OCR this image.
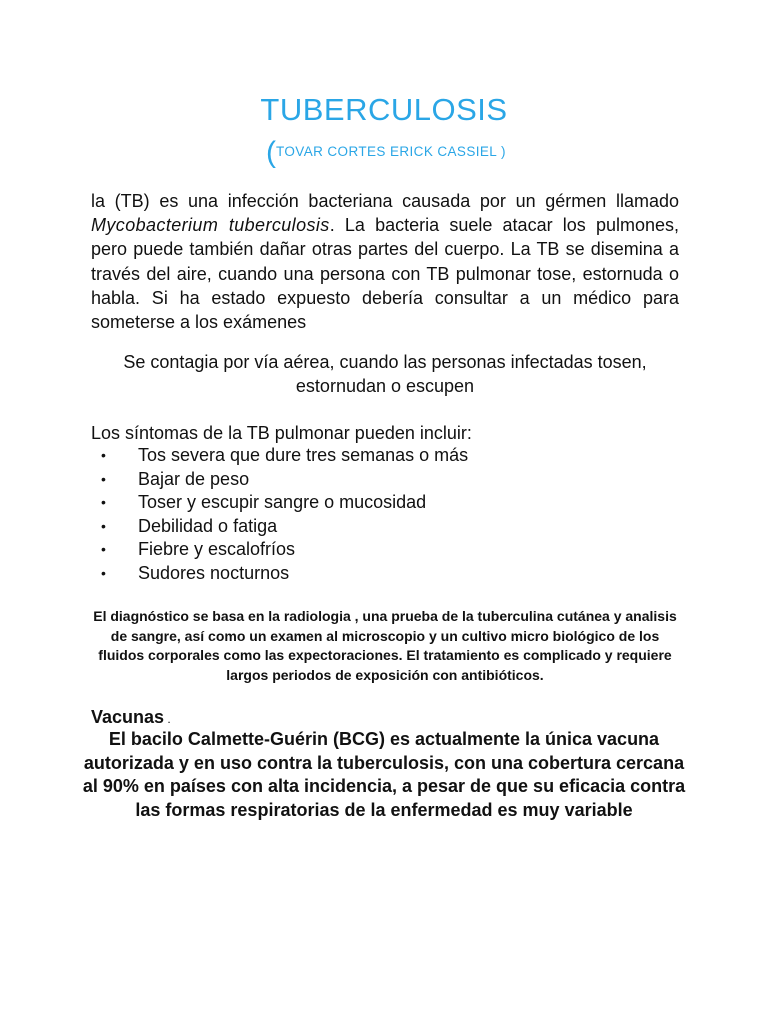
TUBERCULOSIS
(TOVAR CORTES ERICK CASSIEL )

la (TB) es una infección bacteriana causada por un gérmen llamado Mycobacterium tuberculosis. La bacteria suele atacar los pulmones, pero puede también dañar otras partes del cuerpo. La TB se disemina a través del aire, cuando una persona con TB pulmonar tose, estornuda o habla. Si ha estado expuesto debería consultar a un médico para someterse a los exámenes

Se contagia por vía aérea, cuando las personas infectadas tosen, estornudan o escupen

Los síntomas de la TB pulmonar pueden incluir:

• Tos severa que dure tres semanas o más
• Bajar de peso
• Toser y escupir sangre o mucosidad
• Debilidad o fatiga
• Fiebre y escalofríos
• Sudores nocturnos

El diagnóstico se basa en la radiologia , una prueba de la tuberculina cutánea y analisis de sangre, así como un examen al microscopio y un cultivo micro biológico de los fluidos corporales como las expectoraciones. El tratamiento es complicado y requiere largos periodos de exposición con antibióticos.

Vacunas .

El bacilo Calmette-Guérin (BCG) es actualmente la única vacuna autorizada y en uso contra la tuberculosis, con una cobertura cercana al 90% en países con alta incidencia, a pesar de que su eficacia contra las formas respiratorias de la enfermedad es muy variable
